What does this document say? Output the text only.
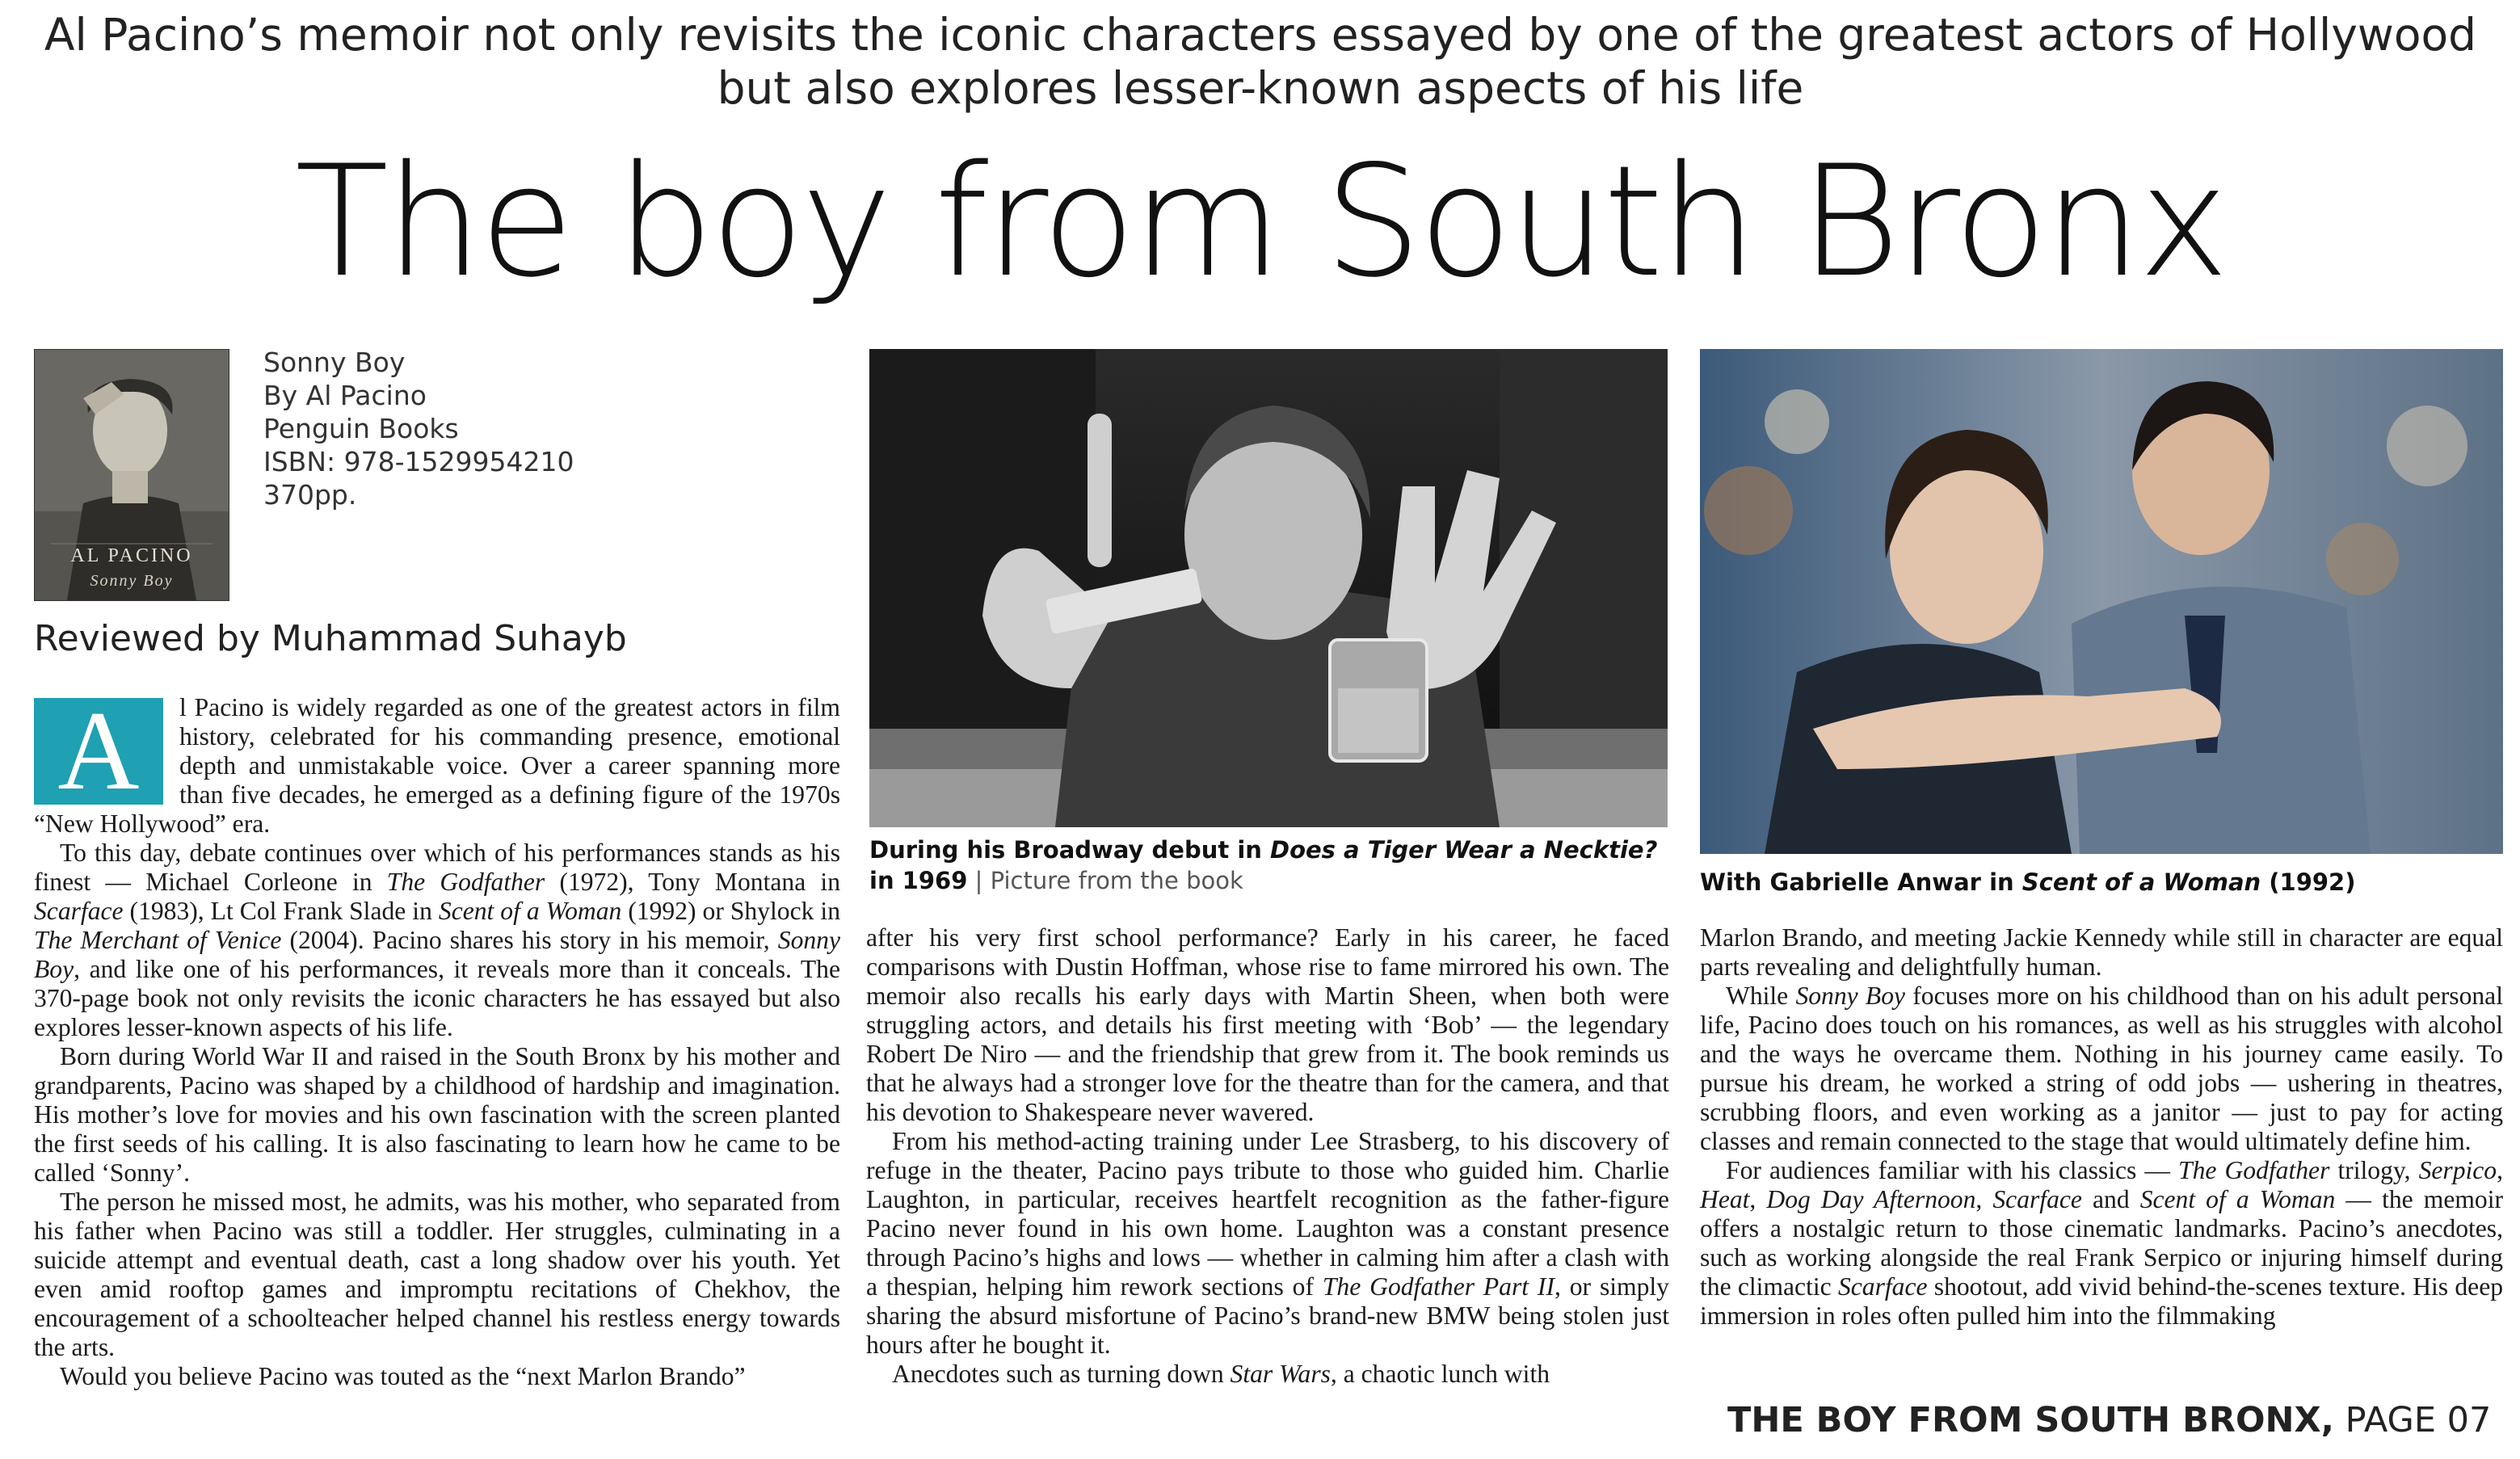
Al Pacino’s memoir not only revisits the iconic characters essayed by one of the greatest actors of Hollywood but also explores lesser-known aspects of his life
The boy from South Bronx
AL PACINO
Sonny Boy
Sonny Boy
By Al Pacino
Penguin Books
ISBN: 978-1529954210
370pp.
Reviewed by Muhammad Suhayb

A	l Pacino is widely regarded as one of the greatest actors in film history, celebrated for his commanding presence, emotional depth and unmistakable voice. Over a career spanning more than five decades, he emerged as a defining figure of the 1970s “New Hollywood” era.

To this day, debate continues over which of his performances stands as his finest — Michael Corleone in The Godfather (1972), Tony Montana in Scarface (1983), Lt Col Frank Slade in Scent of a Woman (1992) or Shylock in The Merchant of Venice (2004). Pacino shares his story in his memoir, Sonny Boy, and like one of his performances, it reveals more than it conceals. The 370-page book not only revisits the iconic characters he has essayed but also explores lesser-known aspects of his life.

Born during World War II and raised in the South Bronx by his mother and grandparents, Pacino was shaped by a childhood of hardship and imagination. His mother’s love for movies and his own fascination with the screen planted the first seeds of his calling. It is also fascinating to learn how he came to be called ‘Sonny’.

The person he missed most, he admits, was his mother, who separated from his father when Pacino was still a toddler. Her struggles, culminating in a suicide attempt and eventual death, cast a long shadow over his youth. Yet even amid rooftop games and impromptu recitations of Chekhov, the encouragement of a schoolteacher helped channel his restless energy towards the arts.

Would you believe Pacino was touted as the “next Marlon Brando”

During his Broadway debut in Does a Tiger Wear a Necktie? in 1969 | Picture from the book

after his very first school performance? Early in his career, he faced comparisons with Dustin Hoffman, whose rise to fame mirrored his own. The memoir also recalls his early days with Martin Sheen, when both were struggling actors, and details his first meeting with ‘Bob’ — the legendary Robert De Niro — and the friendship that grew from it. The book reminds us that he always had a stronger love for the theatre than for the camera, and that his devotion to Shakespeare never wavered.

From his method-acting training under Lee Strasberg, to his discovery of refuge in the theater, Pacino pays tribute to those who guided him. Charlie Laughton, in particular, receives heartfelt recognition as the father-figure Pacino never found in his own home. Laughton was a constant presence through Pacino’s highs and lows — whether in calming him after a clash with a thespian, helping him rework sections of The Godfather Part II, or simply sharing the absurd misfortune of Pacino’s brand-new BMW being stolen just hours after he bought it.

Anecdotes such as turning down Star Wars, a chaotic lunch with

With Gabrielle Anwar in Scent of a Woman (1992)

Marlon Brando, and meeting Jackie Kennedy while still in character are equal parts revealing and delightfully human.

While Sonny Boy focuses more on his childhood than on his adult personal life, Pacino does touch on his romances, as well as his struggles with alcohol and the ways he overcame them. Nothing in his journey came easily. To pursue his dream, he worked a string of odd jobs — ushering in theatres, scrubbing floors, and even working as a janitor — just to pay for acting classes and remain connected to the stage that would ultimately define him.

For audiences familiar with his classics — The Godfather trilogy, Serpico, Heat, Dog Day Afternoon, Scarface and Scent of a Woman — the memoir offers a nostalgic return to those cinematic landmarks. Pacino’s anecdotes, such as working alongside the real Frank Serpico or injuring himself during the climactic Scarface shootout, add vivid behind-the-scenes texture. His deep immersion in roles often pulled him into the filmmaking

THE BOY FROM SOUTH BRONX, PAGE 07
